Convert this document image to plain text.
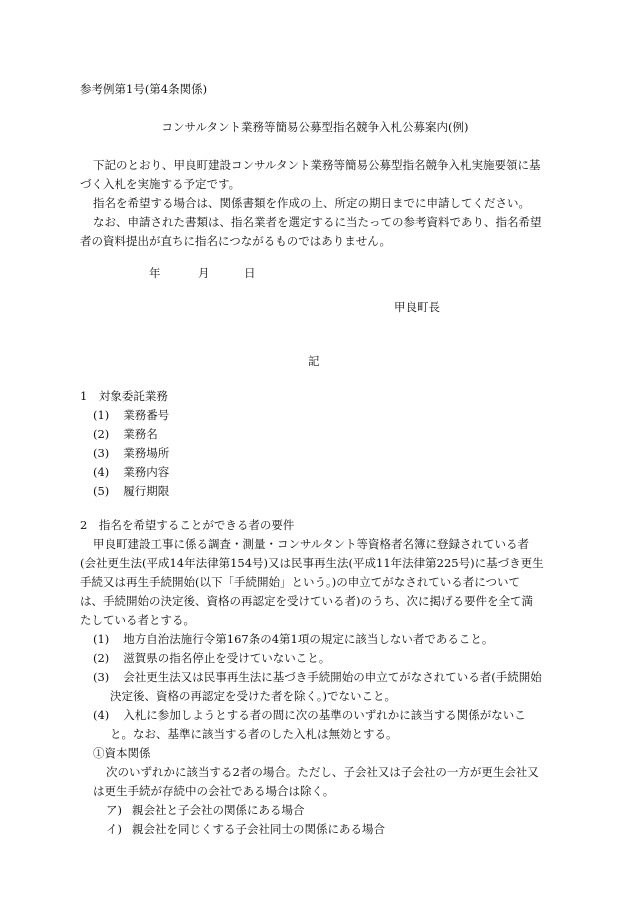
参考例第1号(第4条関係)

コンサルタント業務等簡易公募型指名競争入札公募案内(例)

下記のとおり、甲良町建設コンサルタント業務等簡易公募型指名競争入札実施要領に基

づく入札を実施する予定です。

指名を希望する場合は、関係書類を作成の上、所定の期日までに申請してください。

なお、申請された書類は、指名業者を選定するに当たっての参考資料であり、指名希望

者の資料提出が直ちに指名につながるものではありません。

年	月	日

甲良町長

記

1　対象委託業務

(1) 業務番号

(2) 業務名

(3) 業務場所

(4) 業務内容

(5) 履行期限

2　指名を希望することができる者の要件

甲良町建設工事に係る調査・測量・コンサルタント等資格者名簿に登録されている者

(会社更生法(平成14年法律第154号)又は民事再生法(平成11年法律第225号)に基づき更生

手続又は再生手続開始(以下「手続開始」という。)の申立てがなされている者について

は、手続開始の決定後、資格の再認定を受けている者)のうち、次に掲げる要件を全て満

たしている者とする。

(1) 地方自治法施行令第167条の4第1項の規定に該当しない者であること。

(2) 滋賀県の指名停止を受けていないこと。

(3) 会社更生法又は民事再生法に基づき手続開始の申立てがなされている者(手続開始

決定後、資格の再認定を受けた者を除く。)でないこと。

(4) 入札に参加しようとする者の間に次の基準のいずれかに該当する関係がないこ

と。なお、基準に該当する者のした入札は無効とする。

①資本関係

次のいずれかに該当する2者の場合。ただし、子会社又は子会社の一方が更生会社又

は更生手続が存続中の会社である場合は除く。

ア) 親会社と子会社の関係にある場合

イ) 親会社を同じくする子会社同士の関係にある場合
